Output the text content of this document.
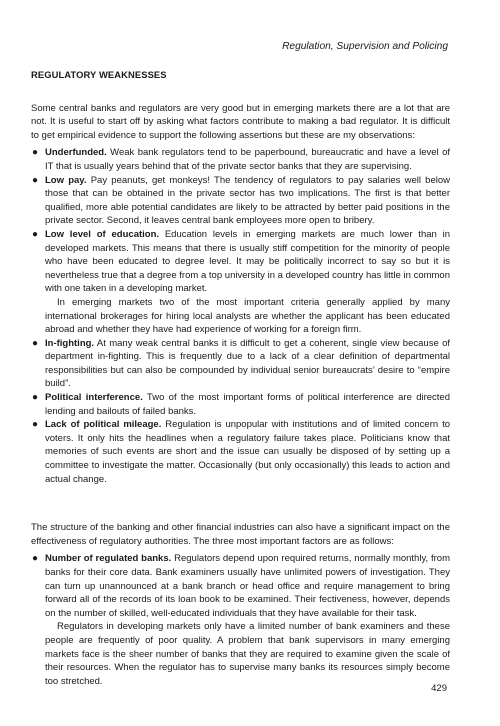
Regulation, Supervision and Policing
REGULATORY WEAKNESSES

Some central banks and regulators are very good but in emerging markets there are a lot that are not. It is useful to start off by asking what factors contribute to making a bad regulator. It is difficult to get empirical evidence to support the following assertions but these are my observations:

● Underfunded. Weak bank regulators tend to be paperbound, bureaucratic and have a level of IT that is usually years behind that of the private sector banks that they are supervising.
● Low pay. Pay peanuts, get monkeys! The tendency of regulators to pay salaries well below those that can be obtained in the private sector has two implications. The first is that better qualified, more able potential candidates are likely to be attracted by better paid positions in the private sector. Second, it leaves central bank employees more open to bribery.
● Low level of education. Education levels in emerging markets are much lower than in developed markets. This means that there is usually stiff competition for the minority of people who have been educated to degree level. It may be politically incorrect to say so but it is nevertheless true that a degree from a top university in a developed country has little in common with one taken in a developing market.

In emerging markets two of the most important criteria generally applied by many international brokerages for hiring local analysts are whether the applicant has been educated abroad and whether they have had experience of working for a foreign firm.

● In-fighting. At many weak central banks it is difficult to get a coherent, single view because of department in-fighting. This is frequently due to a lack of a clear definition of departmental responsibilities but can also be compounded by individual senior bureaucrats’ desire to “empire build”.
● Political interference. Two of the most important forms of political interference are directed lending and bailouts of failed banks.
● Lack of political mileage. Regulation is unpopular with institutions and of limited concern to voters. It only hits the headlines when a regulatory failure takes place. Politicians know that memories of such events are short and the issue can usually be disposed of by setting up a committee to investigate the matter. Occasionally (but only occasionally) this leads to action and actual change.

The structure of the banking and other financial industries can also have a significant impact on the effectiveness of regulatory authorities. The three most important factors are as follows:

● Number of regulated banks. Regulators depend upon required returns, normally monthly, from banks for their core data. Bank examiners usually have unlimited powers of investigation. They can turn up unannounced at a bank branch or head office and require management to bring forward all of the records of its loan book to be examined. Their fectiveness, however, depends on the number of skilled, well-educated individuals that they have available for their task.

Regulators in developing markets only have a limited number of bank examiners and these people are frequently of poor quality. A problem that bank supervisors in many emerging markets face is the sheer number of banks that they are required to examine given the scale of their resources. When the regulator has to supervise many banks its resources simply become too stretched.

429
